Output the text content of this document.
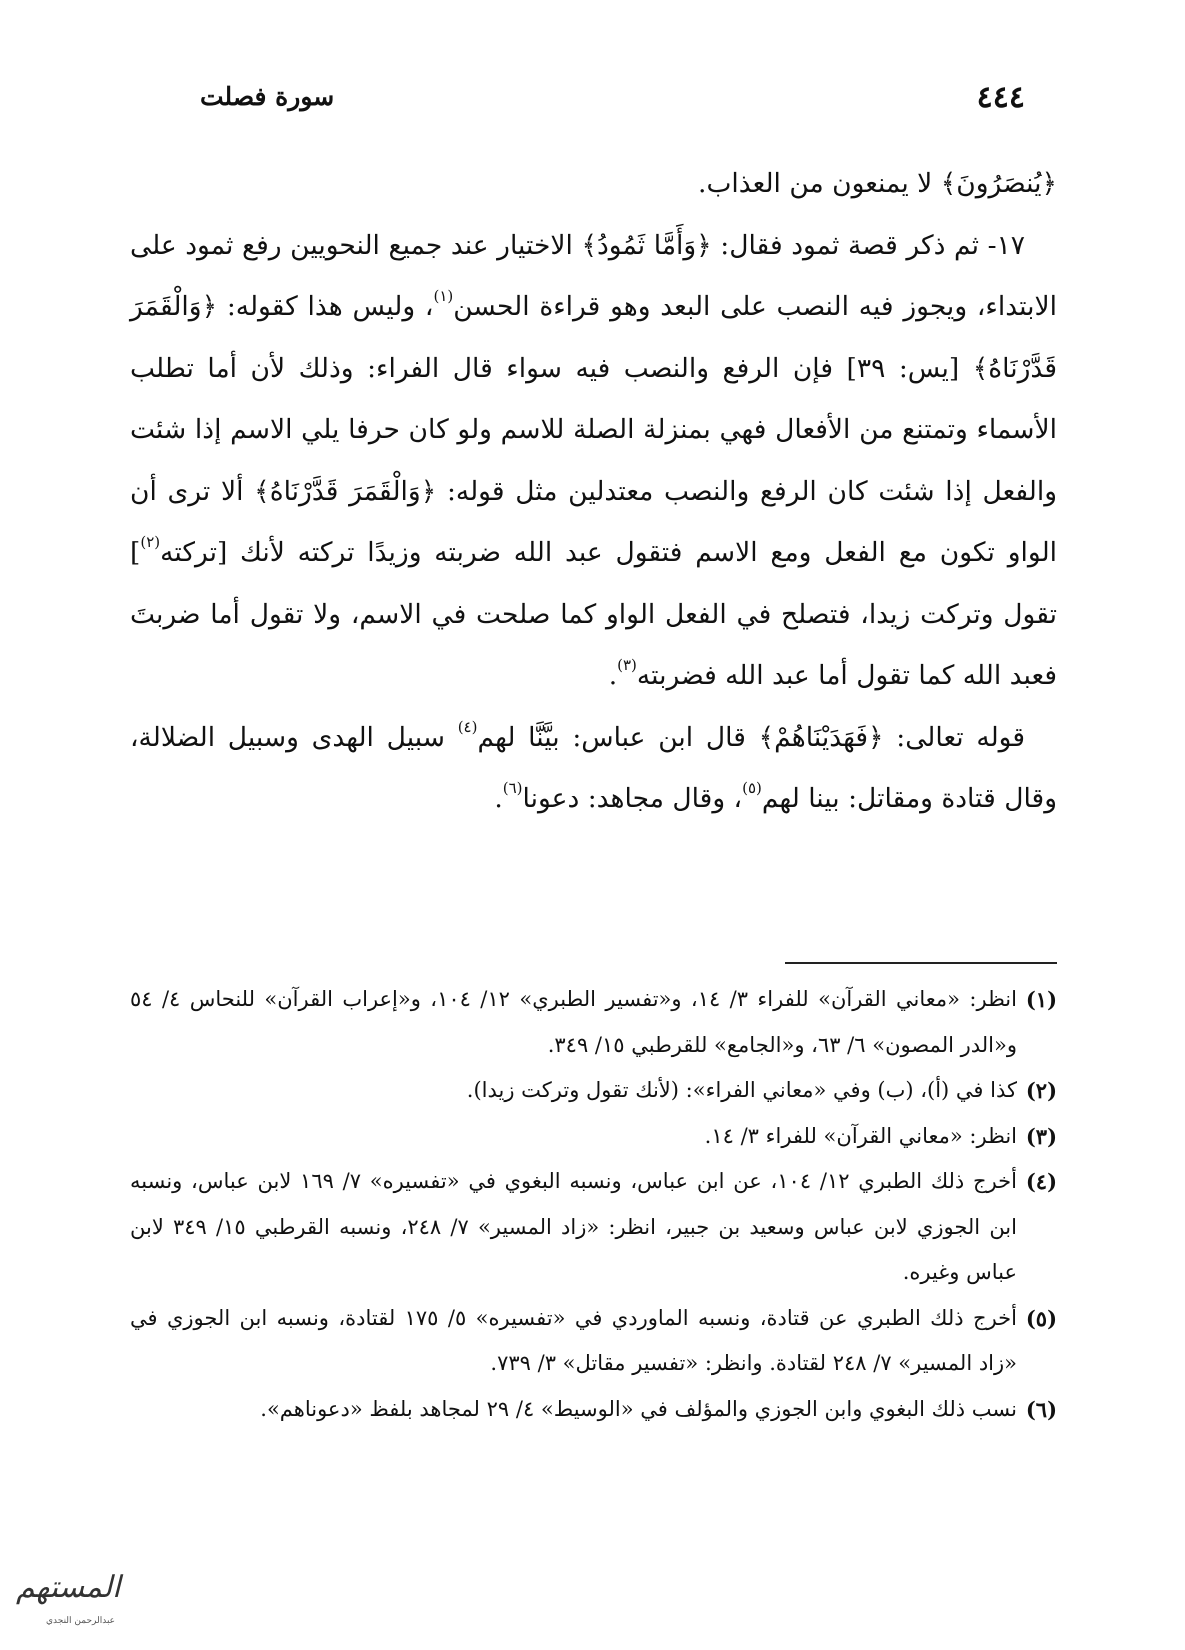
٤٤٤
سورة فصلت

﴿يُنصَرُونَ﴾ لا يمنعون من العذاب.

١٧- ثم ذكر قصة ثمود فقال: ﴿وَأَمَّا ثَمُودُ﴾ الاختيار عند جميع النحويين رفع ثمود على الابتداء، ويجوز فيه النصب على البعد وهو قراءة الحسن$^{(١)}$، وليس هذا كقوله: ﴿وَالْقَمَرَ قَدَّرْنَاهُ﴾ [يس: ٣٩] فإن الرفع والنصب فيه سواء قال الفراء: وذلك لأن أما تطلب الأسماء وتمتنع من الأفعال فهي بمنزلة الصلة للاسم ولو كان حرفا يلي الاسم إذا شئت والفعل إذا شئت كان الرفع والنصب معتدلين مثل قوله: ﴿وَالْقَمَرَ قَدَّرْنَاهُ﴾ ألا ترى أن الواو تكون مع الفعل ومع الاسم فتقول عبد الله ضربته وزيدًا تركته لأنك [تركته$^{(٢)}$] تقول وتركت زيدا، فتصلح في الفعل الواو كما صلحت في الاسم، ولا تقول أما ضربتَ فعبد الله كما تقول أما عبد الله فضربته$^{(٣)}$.

قوله تعالى: ﴿فَهَدَيْنَاهُمْ﴾ قال ابن عباس: بيَّنَّا لهم$^{(٤)}$ سبيل الهدى وسبيل الضلالة، وقال قتادة ومقاتل: بينا لهم$^{(٥)}$، وقال مجاهد: دعونا$^{(٦)}$.

(١)
انظر: «معاني القرآن» للفراء ٣/ ١٤، و«تفسير الطبري» ١٢/ ١٠٤، و«إعراب القرآن» للنحاس ٤/ ٥٤ و«الدر المصون» ٦/ ٦٣، و«الجامع» للقرطبي ١٥/ ٣٤٩.
(٢)
كذا في (أ)، (ب) وفي «معاني الفراء»: (لأنك تقول وتركت زيدا).
(٣)
انظر: «معاني القرآن» للفراء ٣/ ١٤.
(٤)
أخرج ذلك الطبري ١٢/ ١٠٤، عن ابن عباس، ونسبه البغوي في «تفسيره» ٧/ ١٦٩ لابن عباس، ونسبه ابن الجوزي لابن عباس وسعيد بن جبير، انظر: «زاد المسير» ٧/ ٢٤٨، ونسبه القرطبي ١٥/ ٣٤٩ لابن عباس وغيره.
(٥)
أخرج ذلك الطبري عن قتادة، ونسبه الماوردي في «تفسيره» ٥/ ١٧٥ لقتادة، ونسبه ابن الجوزي في «زاد المسير» ٧/ ٢٤٨ لقتادة. وانظر: «تفسير مقاتل» ٣/ ٧٣٩.
(٦)
نسب ذلك البغوي وابن الجوزي والمؤلف في «الوسيط» ٤/ ٢٩ لمجاهد بلفظ «دعوناهم».
المستهم
عبدالرحمن النجدي
